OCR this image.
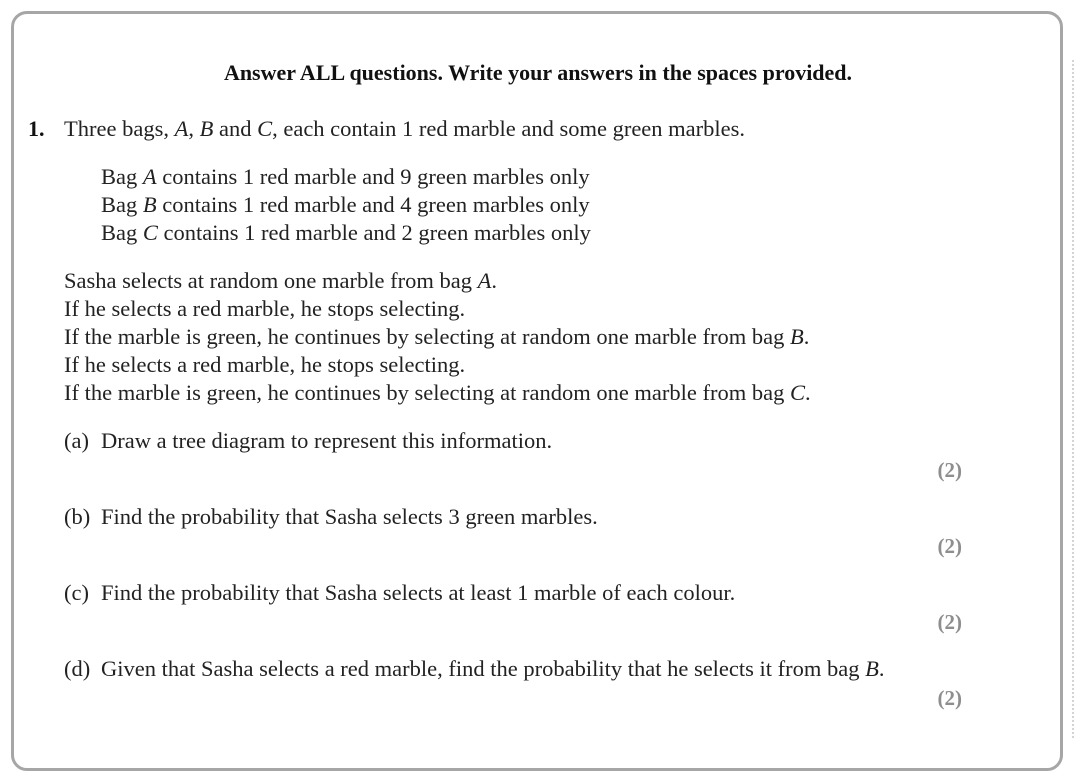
Answer ALL questions. Write your answers in the spaces provided.
1. Three bags, A, B and C, each contain 1 red marble and some green marbles.
Bag A contains 1 red marble and 9 green marbles only
Bag B contains 1 red marble and 4 green marbles only
Bag C contains 1 red marble and 2 green marbles only
Sasha selects at random one marble from bag A.
If he selects a red marble, he stops selecting.
If the marble is green, he continues by selecting at random one marble from bag B.
If he selects a red marble, he stops selecting.
If the marble is green, he continues by selecting at random one marble from bag C.
(a) Draw a tree diagram to represent this information.
(2)
(b) Find the probability that Sasha selects 3 green marbles.
(2)
(c) Find the probability that Sasha selects at least 1 marble of each colour.
(2)
(d) Given that Sasha selects a red marble, find the probability that he selects it from bag B.
(2)
